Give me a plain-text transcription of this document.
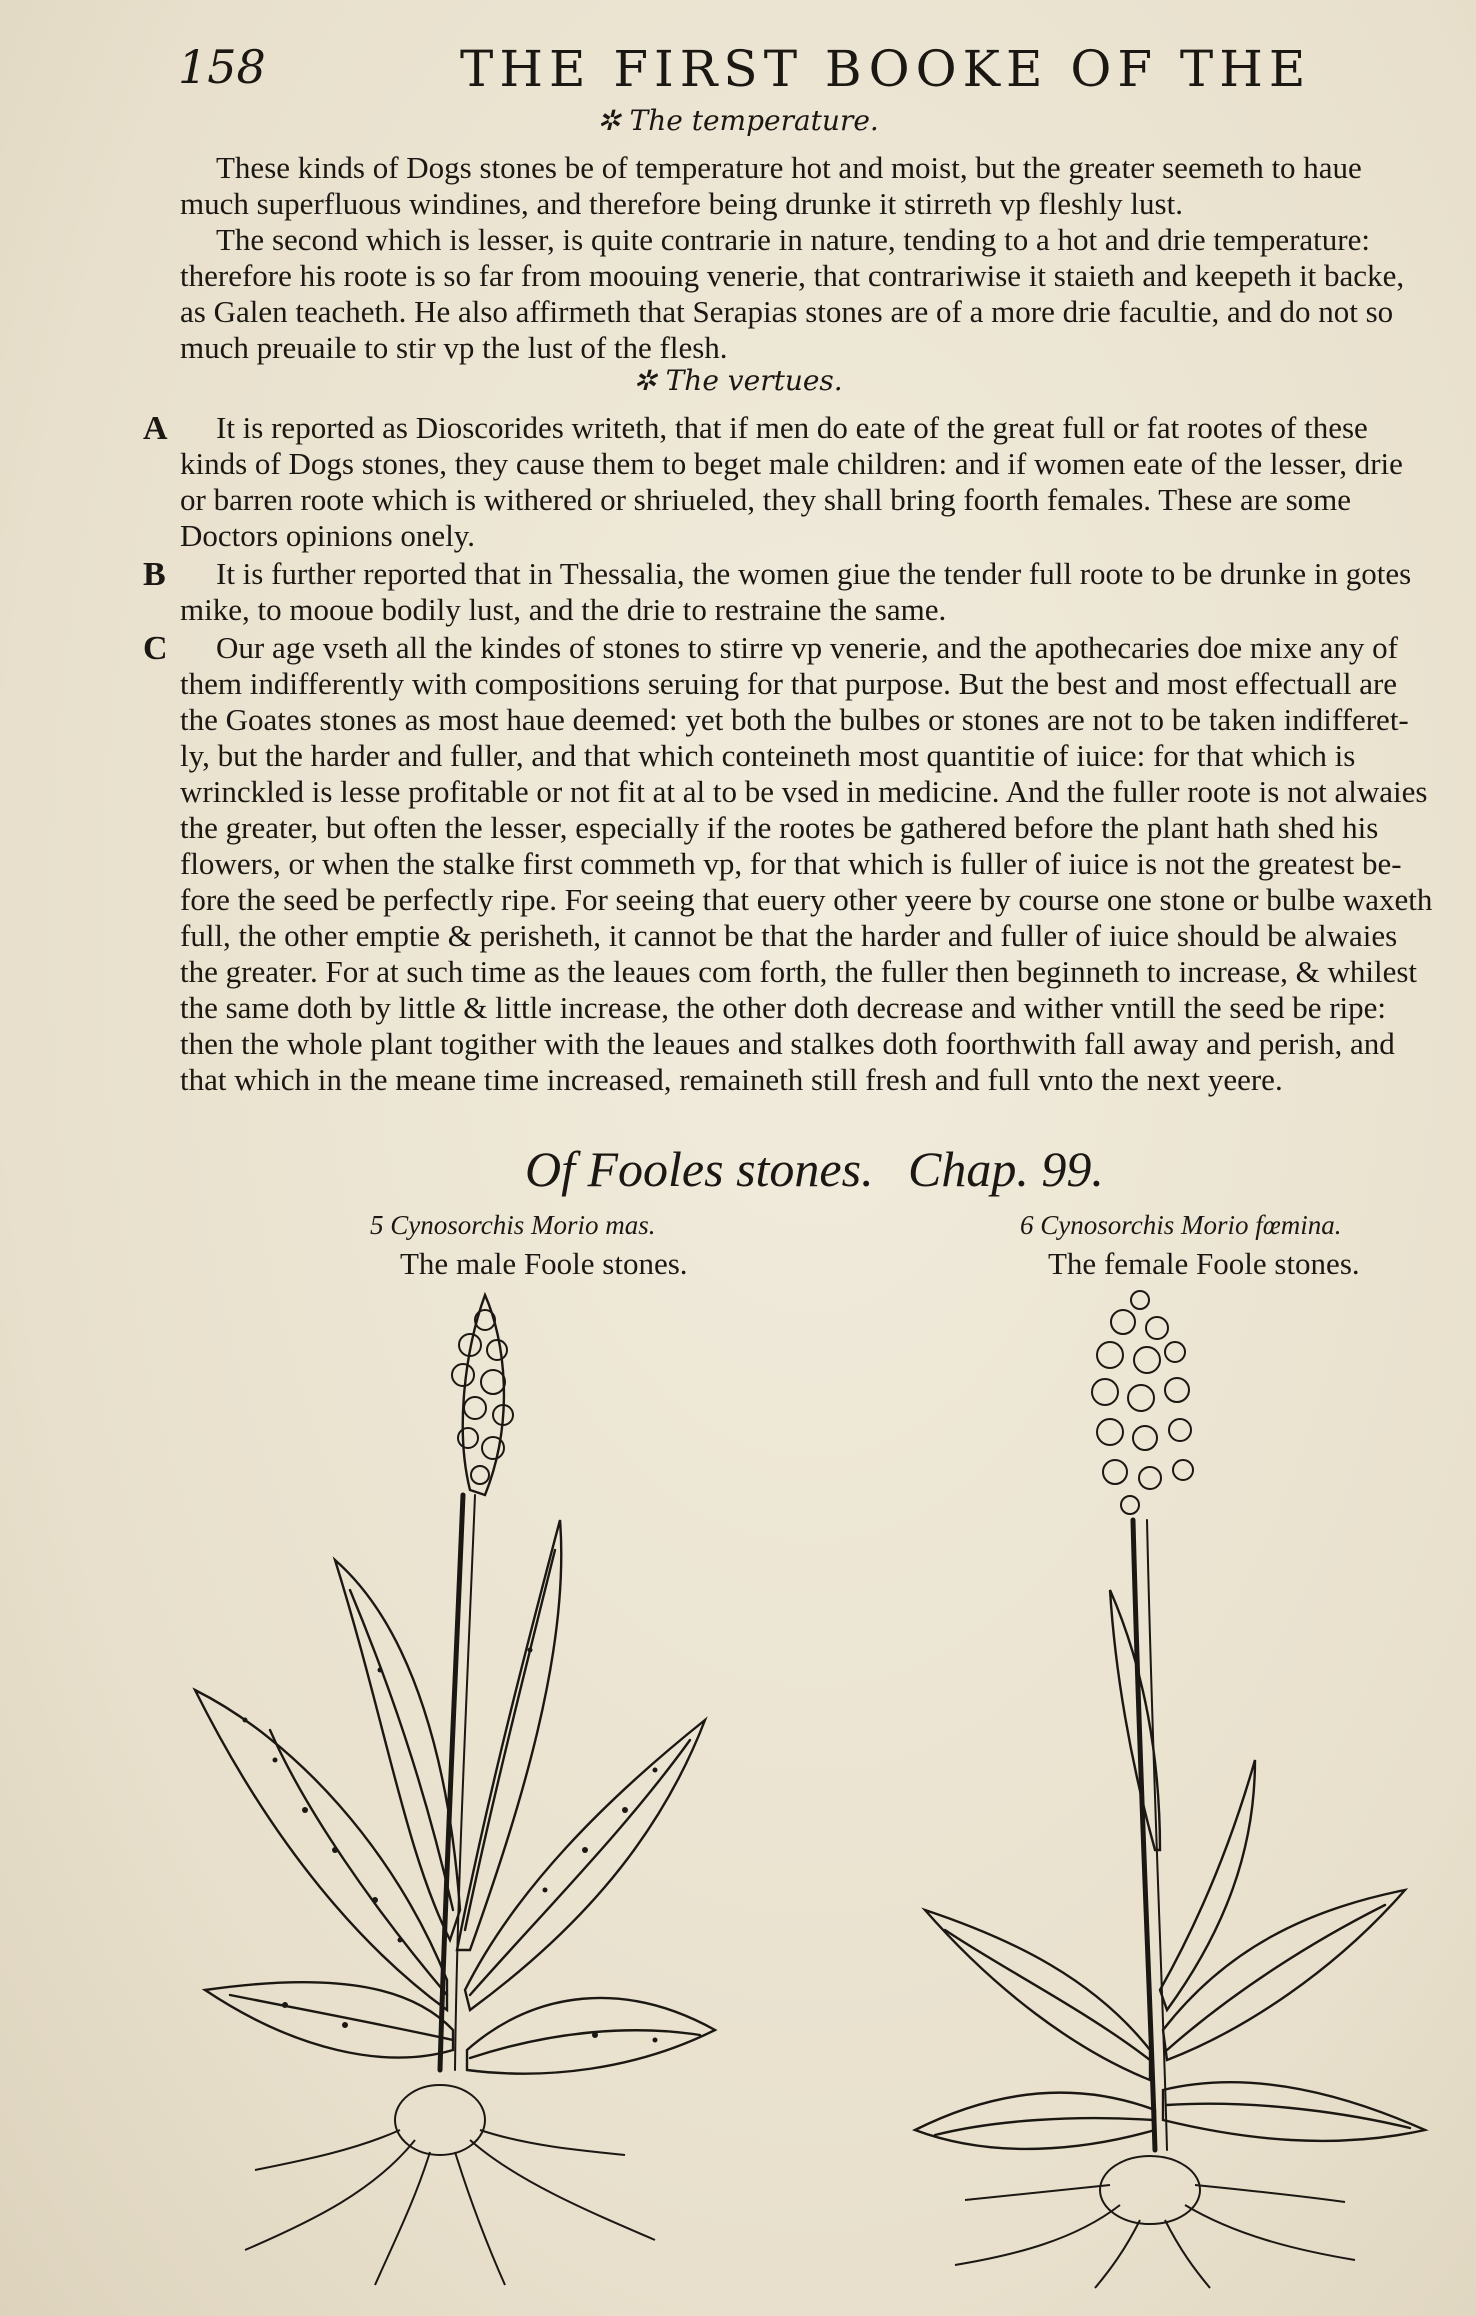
158	THE FIRST BOOKE OF THE
✲ The temperature.
These kinds of Dogs stones be of temperature hot and moist, but the greater seemeth to haue
much superfluous windines, and therefore being drunke it stirreth vp fleshly lust.
The second which is lesser, is quite contrarie in nature, tending to a hot and drie temperature:
therefore his roote is so far from moouing venerie, that contrariwise it staieth and keepeth it backe,
as Galen teacheth. He also affirmeth that Serapias stones are of a more drie facultie, and do not so
much preuaile to stir vp the lust of the flesh.
✲ The vertues.
A It is reported as Dioscorides writeth, that if men do eate of the great full or fat rootes of these
kinds of Dogs stones, they cause them to beget male children: and if women eate of the lesser, drie
or barren roote which is withered or shriueled, they shall bring foorth females. These are some
Doctors opinions onely.
B It is further reported that in Thessalia, the women giue the tender full roote to be drunke in gotes
mike, to mooue bodily lust, and the drie to restraine the same.
C Our age vseth all the kindes of stones to stirre vp venerie, and the apothecaries doe mixe any of
them indifferently with compositions seruing for that purpose. But the best and most effectuall are
the Goates stones as most haue deemed: yet both the bulbes or stones are not to be taken indifferet-
ly, but the harder and fuller, and that which conteineth most quantitie of iuice: for that which is
wrinckled is lesse profitable or not fit at al to be vsed in medicine. And the fuller roote is not alwaies
the greater, but often the lesser, especially if the rootes be gathered before the plant hath shed his
flowers, or when the stalke first commeth vp, for that which is fuller of iuice is not the greatest be-
fore the seed be perfectly ripe. For seeing that euery other yeere by course one stone or bulbe waxeth
full, the other emptie & perisheth, it cannot be that the harder and fuller of iuice should be alwaies
the greater. For at such time as the leaues com forth, the fuller then beginneth to increase, & whilest
the same doth by little & little increase, the other doth decrease and wither vntill the seed be ripe:
then the whole plant togither with the leaues and stalkes doth foorthwith fall away and perish, and
that which in the meane time increased, remaineth still fresh and full vnto the next yeere.
Of Fooles stones. Chap. 99.
5 Cynosorchis Morio mas.
The male Foole stones.
6 Cynosorchis Morio fœmina.
The female Foole stones.
